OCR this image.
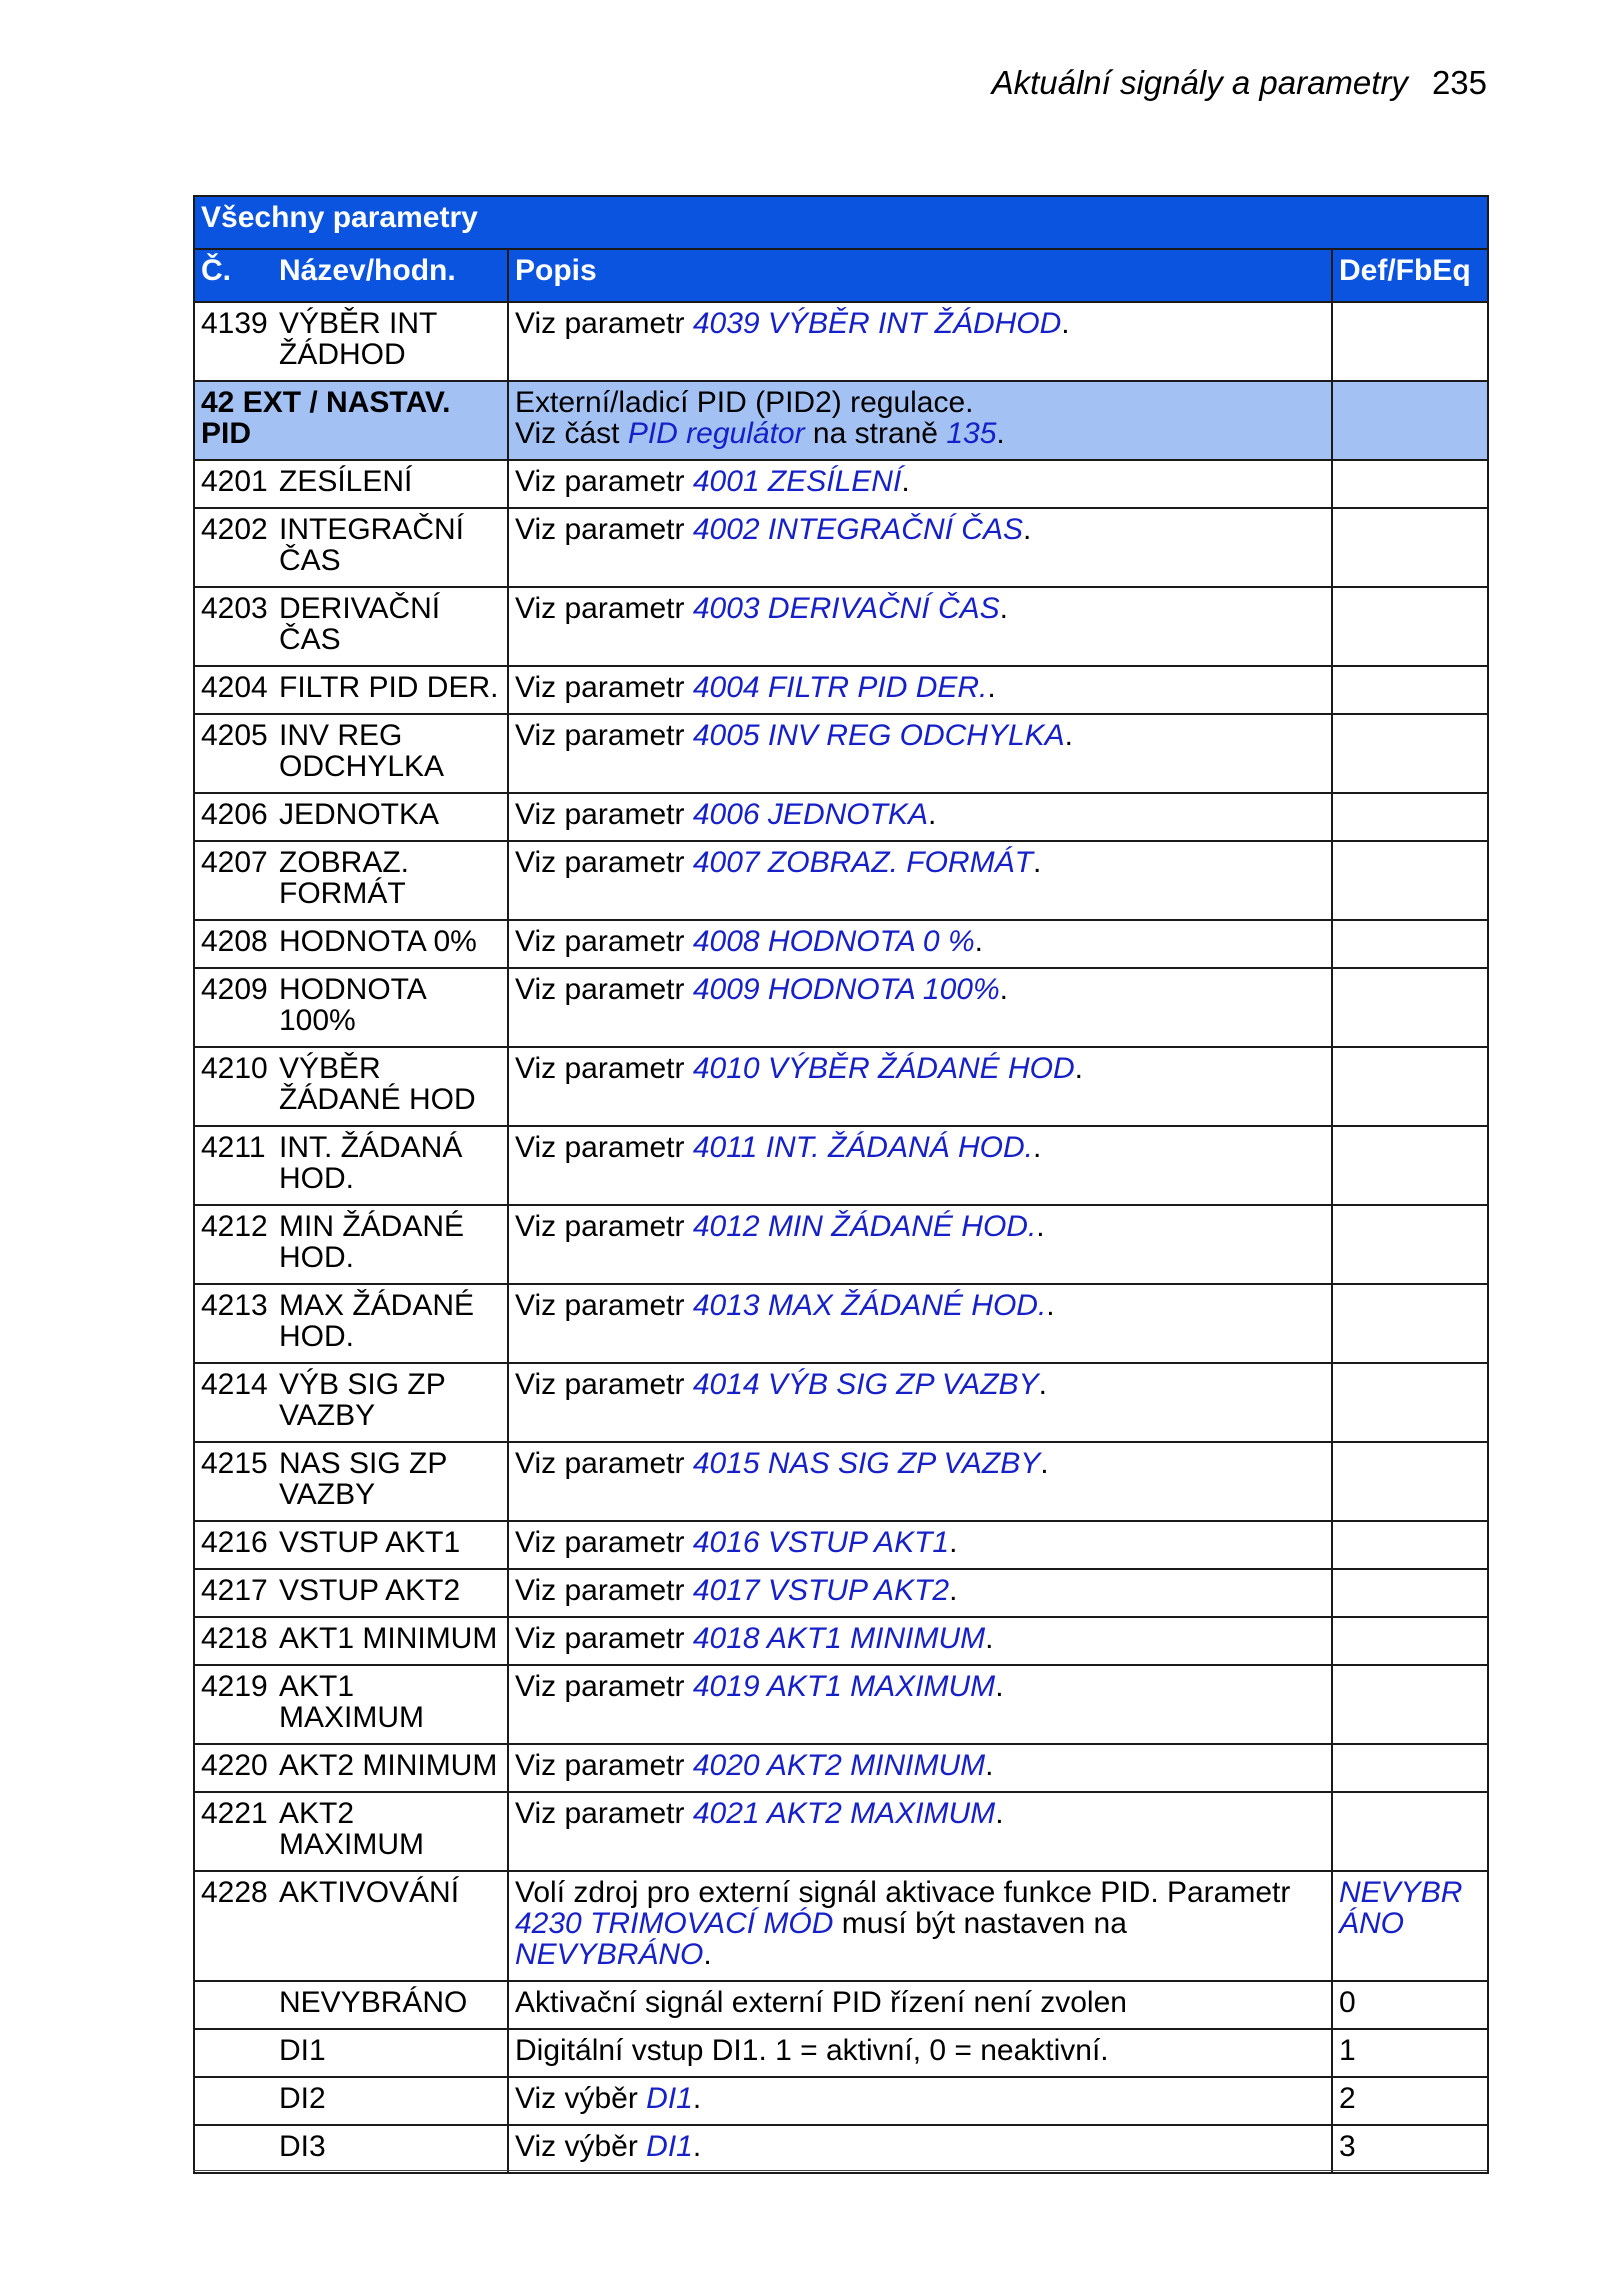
Aktuální signály a parametry 235
Všechny parametry			
Č.	Název/hodn.	Popis	Def/FbEq
4139	VÝBĚR INT ŽÁDHOD	Viz parametr 4039 VÝBĚR INT ŽÁDHOD.	
42 EXT / NASTAV. PID		Externí/ladicí PID (PID2) regulace.
Viz část PID regulátor na straně 135.	
4201	ZESÍLENÍ	Viz parametr 4001 ZESÍLENÍ.	
4202	INTEGRAČNÍ ČAS	Viz parametr 4002 INTEGRAČNÍ ČAS.	
4203	DERIVAČNÍ ČAS	Viz parametr 4003 DERIVAČNÍ ČAS.	
4204	FILTR PID DER.	Viz parametr 4004 FILTR PID DER..	
4205	INV REG ODCHYLKA	Viz parametr 4005 INV REG ODCHYLKA.	
4206	JEDNOTKA	Viz parametr 4006 JEDNOTKA.	
4207	ZOBRAZ. FORMÁT	Viz parametr 4007 ZOBRAZ. FORMÁT.	
4208	HODNOTA 0%	Viz parametr 4008 HODNOTA 0 %.	
4209	HODNOTA 100%	Viz parametr 4009 HODNOTA 100%.	
4210	VÝBĚR ŽÁDANÉ HOD	Viz parametr 4010 VÝBĚR ŽÁDANÉ HOD.	
4211	INT. ŽÁDANÁ HOD.	Viz parametr 4011 INT. ŽÁDANÁ HOD..	
4212	MIN ŽÁDANÉ HOD.	Viz parametr 4012 MIN ŽÁDANÉ HOD..	
4213	MAX ŽÁDANÉ HOD.	Viz parametr 4013 MAX ŽÁDANÉ HOD..	
4214	VÝB SIG ZP VAZBY	Viz parametr 4014 VÝB SIG ZP VAZBY.	
4215	NAS SIG ZP VAZBY	Viz parametr 4015 NAS SIG ZP VAZBY.	
4216	VSTUP AKT1	Viz parametr 4016 VSTUP AKT1.	
4217	VSTUP AKT2	Viz parametr 4017 VSTUP AKT2.	
4218	AKT1 MINIMUM	Viz parametr 4018 AKT1 MINIMUM.	
4219	AKT1 MAXIMUM	Viz parametr 4019 AKT1 MAXIMUM.	
4220	AKT2 MINIMUM	Viz parametr 4020 AKT2 MINIMUM.	
4221	AKT2 MAXIMUM	Viz parametr 4021 AKT2 MAXIMUM.	
4228	AKTIVOVÁNÍ	Volí zdroj pro externí signál aktivace funkce PID. Parametr 4230 TRIMOVACÍ MÓD musí být nastaven na NEVYBRÁNO.	NEVYBRÁNO
	NEVYBRÁNO	Aktivační signál externí PID řízení není zvolen	0
	DI1	Digitální vstup DI1. 1 = aktivní, 0 = neaktivní.	1
	DI2	Viz výběr DI1.	2
	DI3	Viz výběr DI1.	3
